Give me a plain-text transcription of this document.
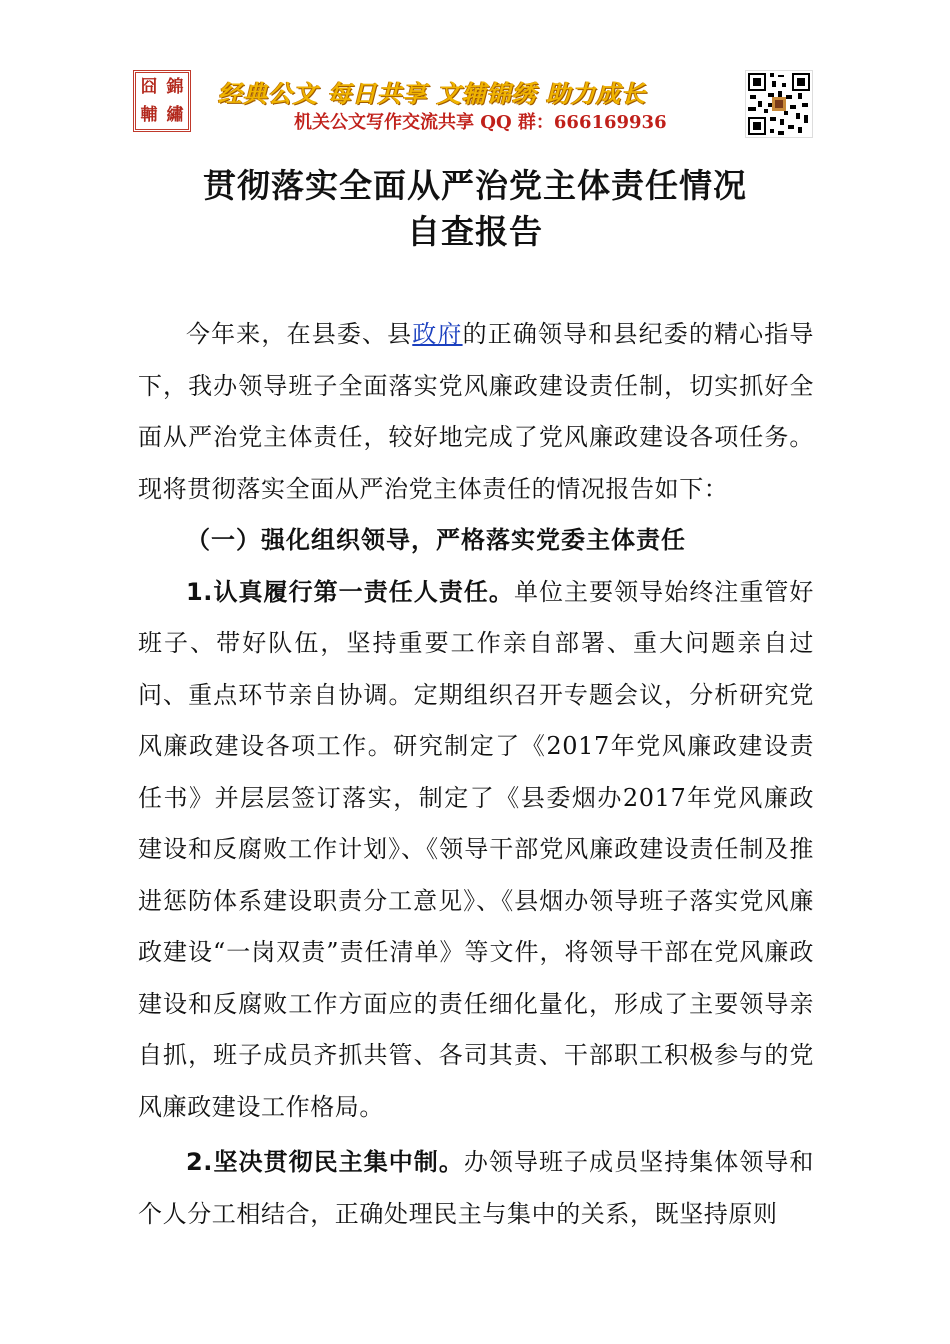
囧 錦
輔 繡
经典公文 每日共享 文辅锦绣 助力成长
机关公文写作交流共享 QQ 群：666169936
贯彻落实全面从严治党主体责任情况
自查报告

今年来，在县委、县政府的正确领导和县纪委的精心指导下，我办领导班子全面落实党风廉政建设责任制，切实抓好全面从严治党主体责任，较好地完成了党风廉政建设各项任务。现将贯彻落实全面从严治党主体责任的情况报告如下：

（一）强化组织领导，严格落实党委主体责任

1.认真履行第一责任人责任。单位主要领导始终注重管好班子、带好队伍，坚持重要工作亲自部署、重大问题亲自过问、重点环节亲自协调。定期组织召开专题会议，分析研究党风廉政建设各项工作。研究制定了《2017年党风廉政建设责任书》并层层签订落实，制定了《县委烟办2017年党风廉政建设和反腐败工作计划》、《领导干部党风廉政建设责任制及推进惩防体系建设职责分工意见》、《县烟办领导班子落实党风廉政建设“一岗双责”责任清单》等文件，将领导干部在党风廉政建设和反腐败工作方面应的责任细化量化，形成了主要领导亲自抓，班子成员齐抓共管、各司其责、干部职工积极参与的党风廉政建设工作格局。

2.坚决贯彻民主集中制。办领导班子成员坚持集体领导和个人分工相结合，正确处理民主与集中的关系，既坚持原则
